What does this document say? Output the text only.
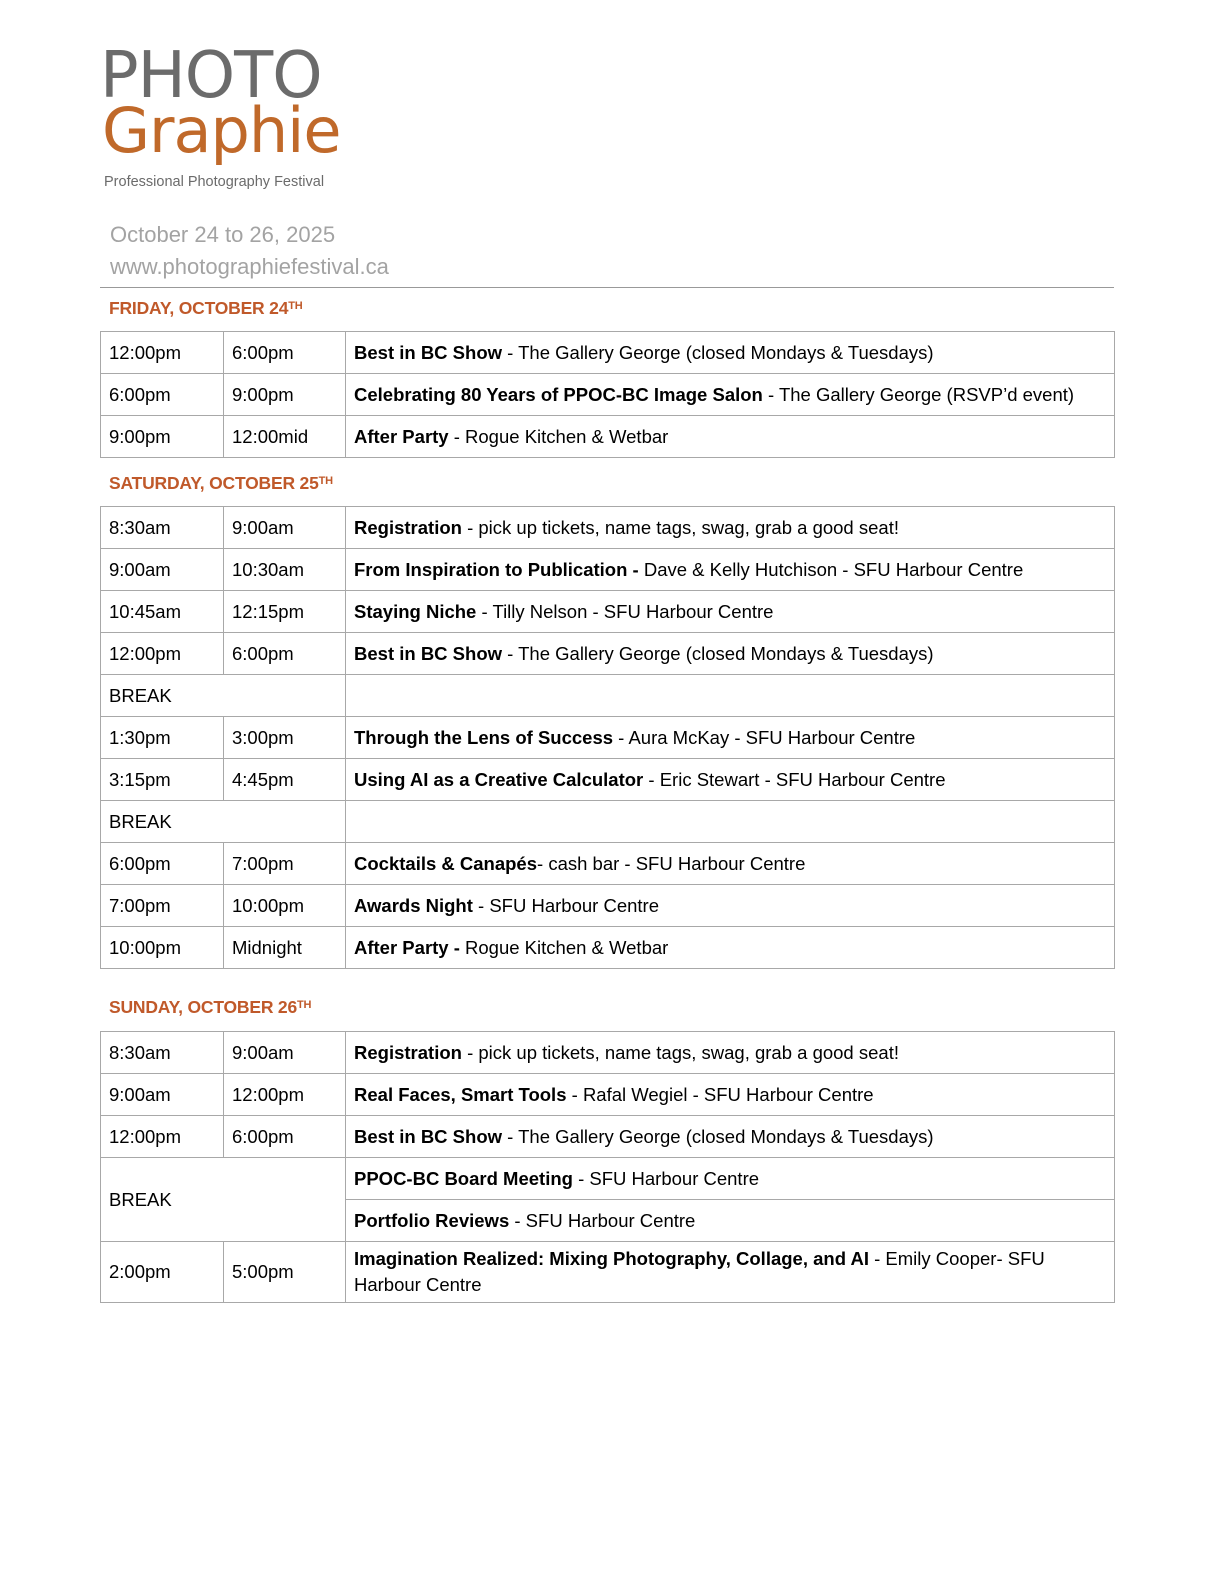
PHOTO
Graphie
Professional Photography Festival
October 24 to 26, 2025
www.photographiefestival.ca
FRIDAY, OCTOBER 24TH
12:00pm	6:00pm	Best in BC Show - The Gallery George (closed Mondays & Tuesdays)
6:00pm	9:00pm	Celebrating 80 Years of PPOC-BC Image Salon - The Gallery George (RSVP’d event)
9:00pm	12:00mid	After Party - Rogue Kitchen & Wetbar
SATURDAY, OCTOBER 25TH
8:30am	9:00am	Registration - pick up tickets, name tags, swag, grab a good seat!
9:00am	10:30am	From Inspiration to Publication - Dave & Kelly Hutchison - SFU Harbour Centre
10:45am	12:15pm	Staying Niche - Tilly Nelson - SFU Harbour Centre
12:00pm	6:00pm	Best in BC Show - The Gallery George (closed Mondays & Tuesdays)
BREAK		
1:30pm	3:00pm	Through the Lens of Success - Aura McKay - SFU Harbour Centre
3:15pm	4:45pm	Using AI as a Creative Calculator - Eric Stewart - SFU Harbour Centre
BREAK		
6:00pm	7:00pm	Cocktails & Canapés- cash bar - SFU Harbour Centre
7:00pm	10:00pm	Awards Night - SFU Harbour Centre
10:00pm	Midnight	After Party - Rogue Kitchen & Wetbar
SUNDAY, OCTOBER 26TH
8:30am	9:00am	Registration - pick up tickets, name tags, swag, grab a good seat!
9:00am	12:00pm	Real Faces, Smart Tools - Rafal Wegiel - SFU Harbour Centre
12:00pm	6:00pm	Best in BC Show - The Gallery George (closed Mondays & Tuesdays)
BREAK		PPOC-BC Board Meeting - SFU Harbour Centre
		Portfolio Reviews - SFU Harbour Centre
2:00pm	5:00pm	Imagination Realized: Mixing Photography, Collage, and AI - Emily Cooper- SFU Harbour Centre
